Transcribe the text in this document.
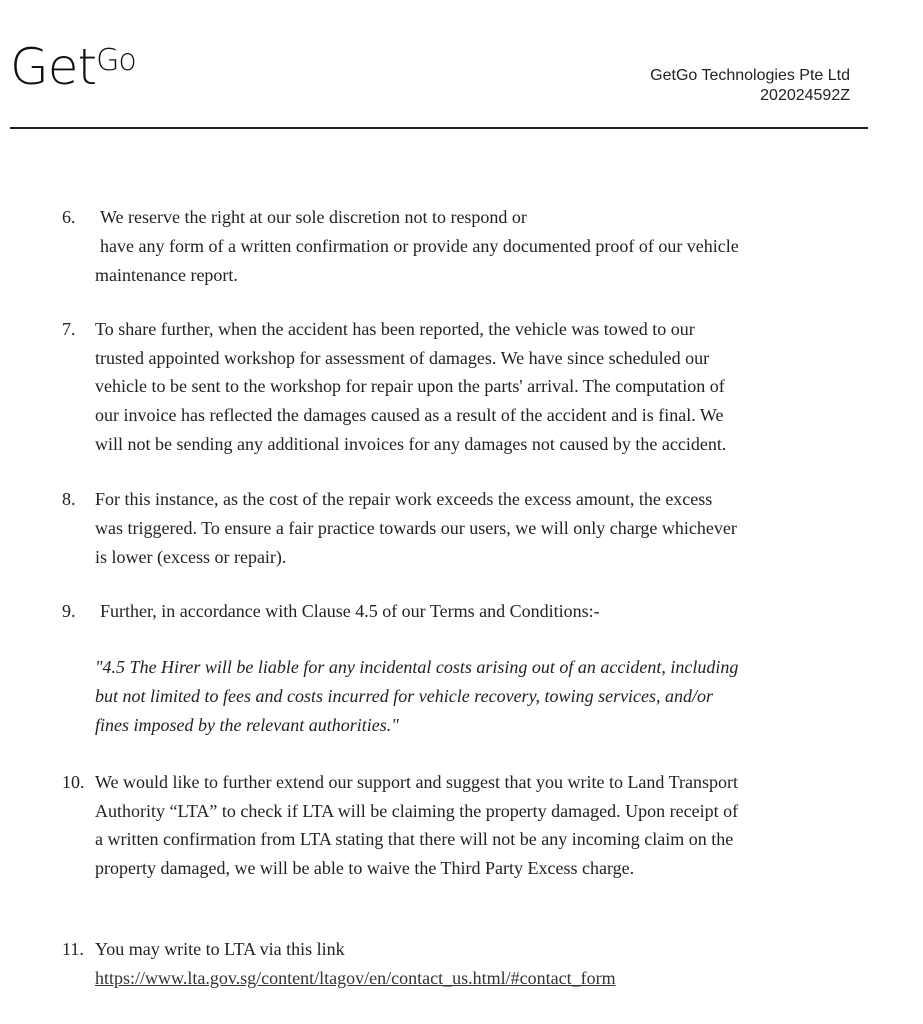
Get$^{Go}$	GetGo Technologies Pte Ltd
202024592Z
6. We reserve the right at our sole discretion not to respond or
have any form of a written confirmation or provide any documented proof of our vehicle
maintenance report.
7. To share further, when the accident has been reported, the vehicle was towed to our
trusted appointed workshop for assessment of damages. We have since scheduled our
vehicle to be sent to the workshop for repair upon the parts' arrival. The computation of
our invoice has reflected the damages caused as a result of the accident and is final. We
will not be sending any additional invoices for any damages not caused by the accident.
8. For this instance, as the cost of the repair work exceeds the excess amount, the excess
was triggered. To ensure a fair practice towards our users, we will only charge whichever
is lower (excess or repair).
9. Further, in accordance with Clause 4.5 of our Terms and Conditions:-
"4.5 The Hirer will be liable for any incidental costs arising out of an accident, including
but not limited to fees and costs incurred for vehicle recovery, towing services, and/or
fines imposed by the relevant authorities."
10. We would like to further extend our support and suggest that you write to Land Transport
Authority “LTA” to check if LTA will be claiming the property damaged. Upon receipt of
a written confirmation from LTA stating that there will not be any incoming claim on the
property damaged, we will be able to waive the Third Party Excess charge.
11. You may write to LTA via this link
https://www.lta.gov.sg/content/ltagov/en/contact_us.html/#contact_form
